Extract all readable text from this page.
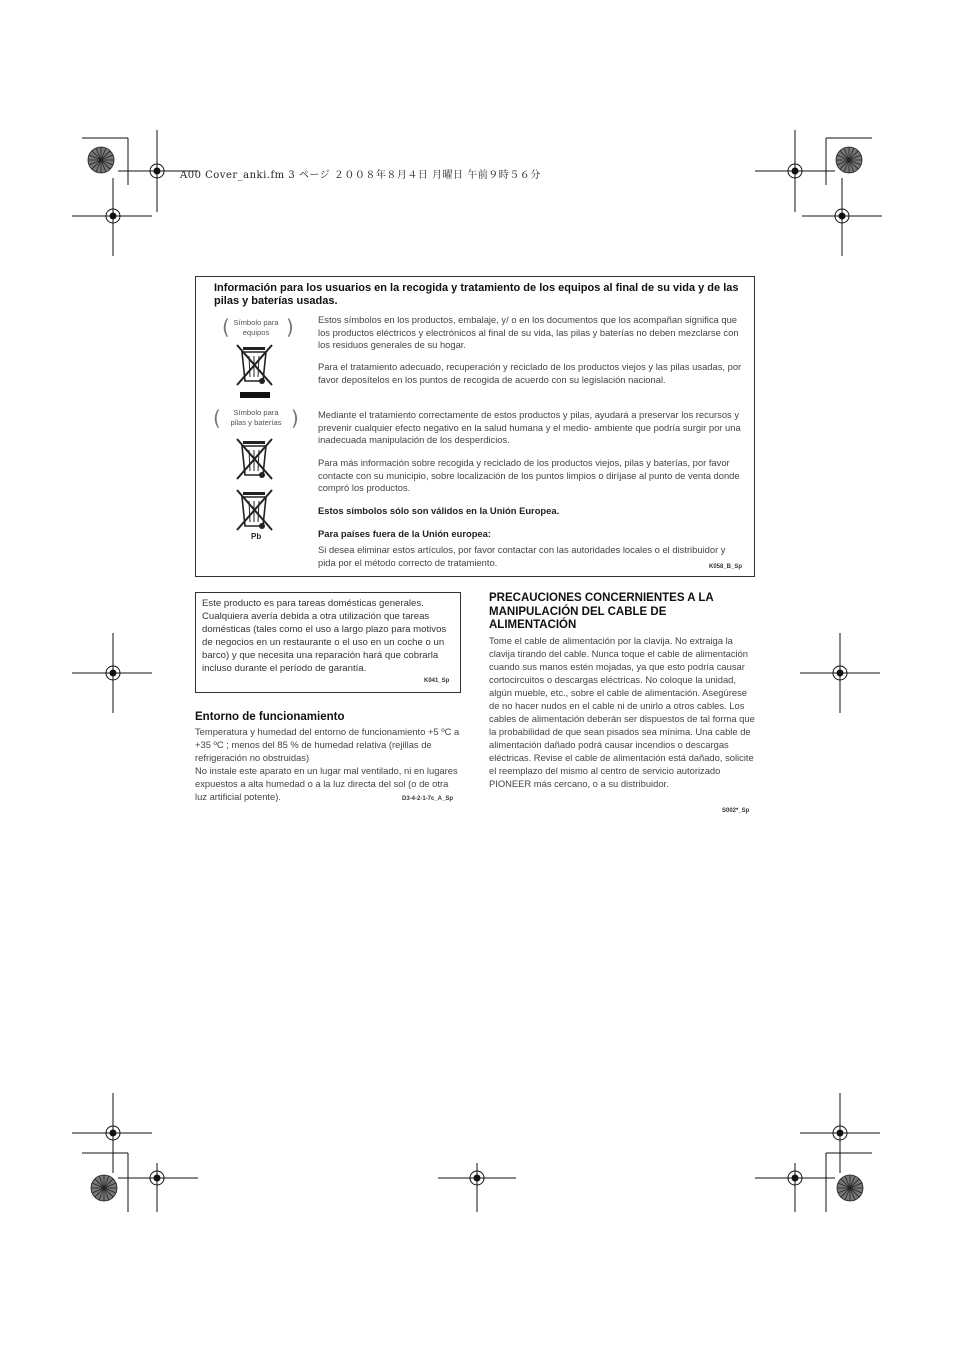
A00 Cover_anki.fm 3 ページ ２００８年８月４日 月曜日 午前９時５６分
Información para los usuarios en la recogida y tratamiento de los equipos al final de su vida y de las pilas y baterías usadas.
(	)
Símbolo para
equipos
(	)
Símbolo para
pilas y baterías
Pb
Estos símbolos en los productos, embalaje, y/ o en los documentos que los acompañan significa que los productos eléctricos y electrónicos al final de su vida, las pilas y baterías no deben mezclarse con los residuos generales de su hogar.
Para el tratamiento adecuado, recuperación y reciclado de los productos viejos y las pilas usadas, por favor deposítelos en los puntos de recogida de acuerdo con su legislación nacional.
Mediante el tratamiento correctamente de estos productos y pilas, ayudará a preservar los recursos y prevenir cualquier efecto negativo en la salud humana y el medio- ambiente que podría surgir por una inadecuada manipulación de los desperdicios.
Para más información sobre recogida y reciclado de los productos viejos, pilas y baterías, por favor contacte con su municipio, sobre localización de los puntos limpios o diríjase al punto de venta donde compró los productos.
Estos símbolos sólo son válidos en la Unión Europea.
Para países fuera de la Unión europea:
Si desea eliminar estos artículos, por favor contactar con las autoridades locales o el distribuidor y pida por el método correcto de tratamiento.	K058_B_Sp
Este producto es para tareas domésticas generales. Cualquiera avería debida a otra utilización que tareas domésticas (tales como el uso a largo plazo para motivos de negocios en un restaurante o el uso en un coche o un barco) y que necesita una reparación hará que cobrarla incluso durante el período de garantía.
K041_Sp
Entorno de funcionamiento
Temperatura y humedad del entorno de funcionamiento +5 ºC a +35 ºC ; menos del 85 % de humedad relativa (rejillas de refrigeración no obstruidas)
No instale este aparato en un lugar mal ventilado, ni en lugares expuestos a alta humedad o a la luz directa del sol (o de otra luz artificial potente).	D3-4-2-1-7c_A_Sp
PRECAUCIONES CONCERNIENTES A LA MANIPULACIÓN DEL CABLE DE ALIMENTACIÓN
Tome el cable de alimentación por la clavija. No extraiga la clavija tirando del cable. Nunca toque el cable de alimentación cuando sus manos estén mojadas, ya que esto podría causar cortocircuitos o descargas eléctricas. No coloque la unidad, algún mueble, etc., sobre el cable de alimentación. Asegúrese de no hacer nudos en el cable ni de unirlo a otros cables. Los cables de alimentación deberán ser dispuestos de tal forma que la probabilidad de que sean pisados sea mínima. Una cable de alimentación dañado podrá causar incendios o descargas eléctricas. Revise el cable de alimentación está dañado, solicite el reemplazo del mismo al centro de servicio autorizado PIONEER más cercano, o a su distribuidor.
S002*_Sp
